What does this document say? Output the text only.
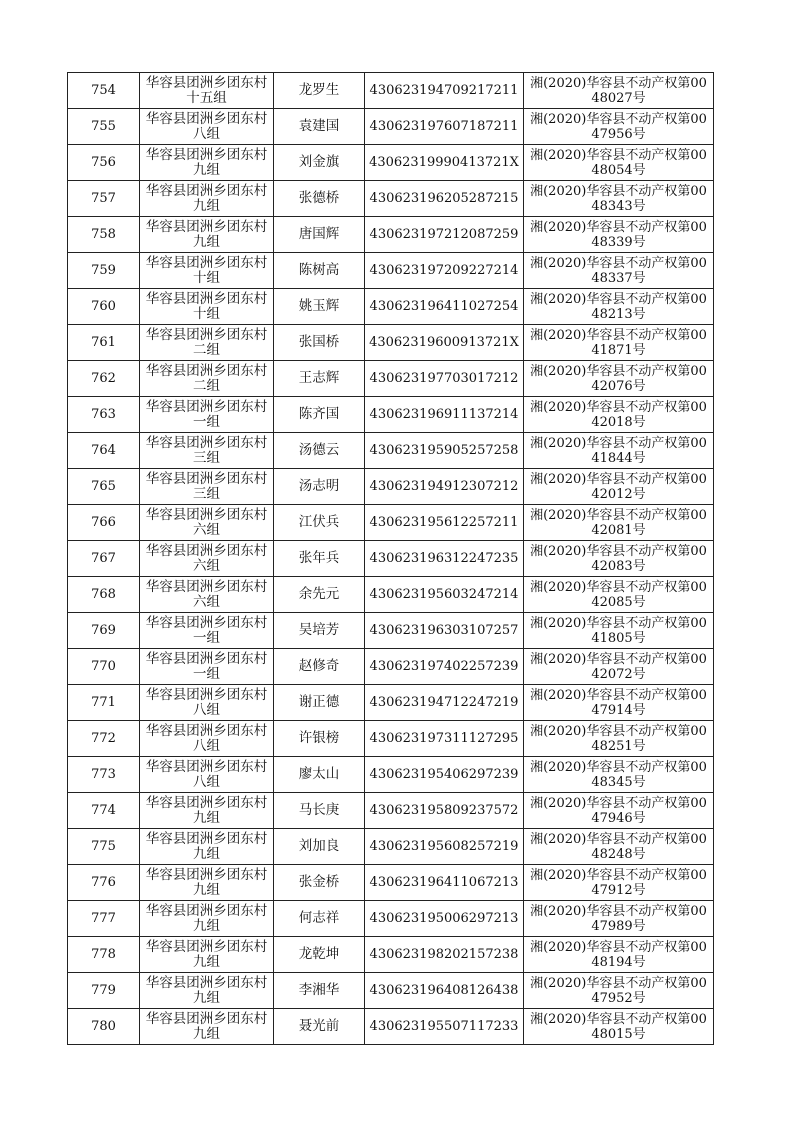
754	华容县团洲乡团东村十五组	龙罗生	430623194709217211	湘(2020)华容县不动产权第0048027号
755	华容县团洲乡团东村八组	袁建国	430623197607187211	湘(2020)华容县不动产权第0047956号
756	华容县团洲乡团东村九组	刘金旗	43062319990413721X	湘(2020)华容县不动产权第0048054号
757	华容县团洲乡团东村九组	张德桥	430623196205287215	湘(2020)华容县不动产权第0048343号
758	华容县团洲乡团东村九组	唐国辉	430623197212087259	湘(2020)华容县不动产权第0048339号
759	华容县团洲乡团东村十组	陈树高	430623197209227214	湘(2020)华容县不动产权第0048337号
760	华容县团洲乡团东村十组	姚玉辉	430623196411027254	湘(2020)华容县不动产权第0048213号
761	华容县团洲乡团东村二组	张国桥	43062319600913721X	湘(2020)华容县不动产权第0041871号
762	华容县团洲乡团东村二组	王志辉	430623197703017212	湘(2020)华容县不动产权第0042076号
763	华容县团洲乡团东村一组	陈齐国	430623196911137214	湘(2020)华容县不动产权第0042018号
764	华容县团洲乡团东村三组	汤德云	430623195905257258	湘(2020)华容县不动产权第0041844号
765	华容县团洲乡团东村三组	汤志明	430623194912307212	湘(2020)华容县不动产权第0042012号
766	华容县团洲乡团东村六组	江伏兵	430623195612257211	湘(2020)华容县不动产权第0042081号
767	华容县团洲乡团东村六组	张年兵	430623196312247235	湘(2020)华容县不动产权第0042083号
768	华容县团洲乡团东村六组	余先元	430623195603247214	湘(2020)华容县不动产权第0042085号
769	华容县团洲乡团东村一组	吴培芳	430623196303107257	湘(2020)华容县不动产权第0041805号
770	华容县团洲乡团东村一组	赵修奇	430623197402257239	湘(2020)华容县不动产权第0042072号
771	华容县团洲乡团东村八组	谢正德	430623194712247219	湘(2020)华容县不动产权第0047914号
772	华容县团洲乡团东村八组	许银榜	430623197311127295	湘(2020)华容县不动产权第0048251号
773	华容县团洲乡团东村八组	廖太山	430623195406297239	湘(2020)华容县不动产权第0048345号
774	华容县团洲乡团东村九组	马长庚	430623195809237572	湘(2020)华容县不动产权第0047946号
775	华容县团洲乡团东村九组	刘加良	430623195608257219	湘(2020)华容县不动产权第0048248号
776	华容县团洲乡团东村九组	张金桥	430623196411067213	湘(2020)华容县不动产权第0047912号
777	华容县团洲乡团东村九组	何志祥	430623195006297213	湘(2020)华容县不动产权第0047989号
778	华容县团洲乡团东村九组	龙乾坤	430623198202157238	湘(2020)华容县不动产权第0048194号
779	华容县团洲乡团东村九组	李湘华	430623196408126438	湘(2020)华容县不动产权第0047952号
780	华容县团洲乡团东村九组	聂光前	430623195507117233	湘(2020)华容县不动产权第0048015号
